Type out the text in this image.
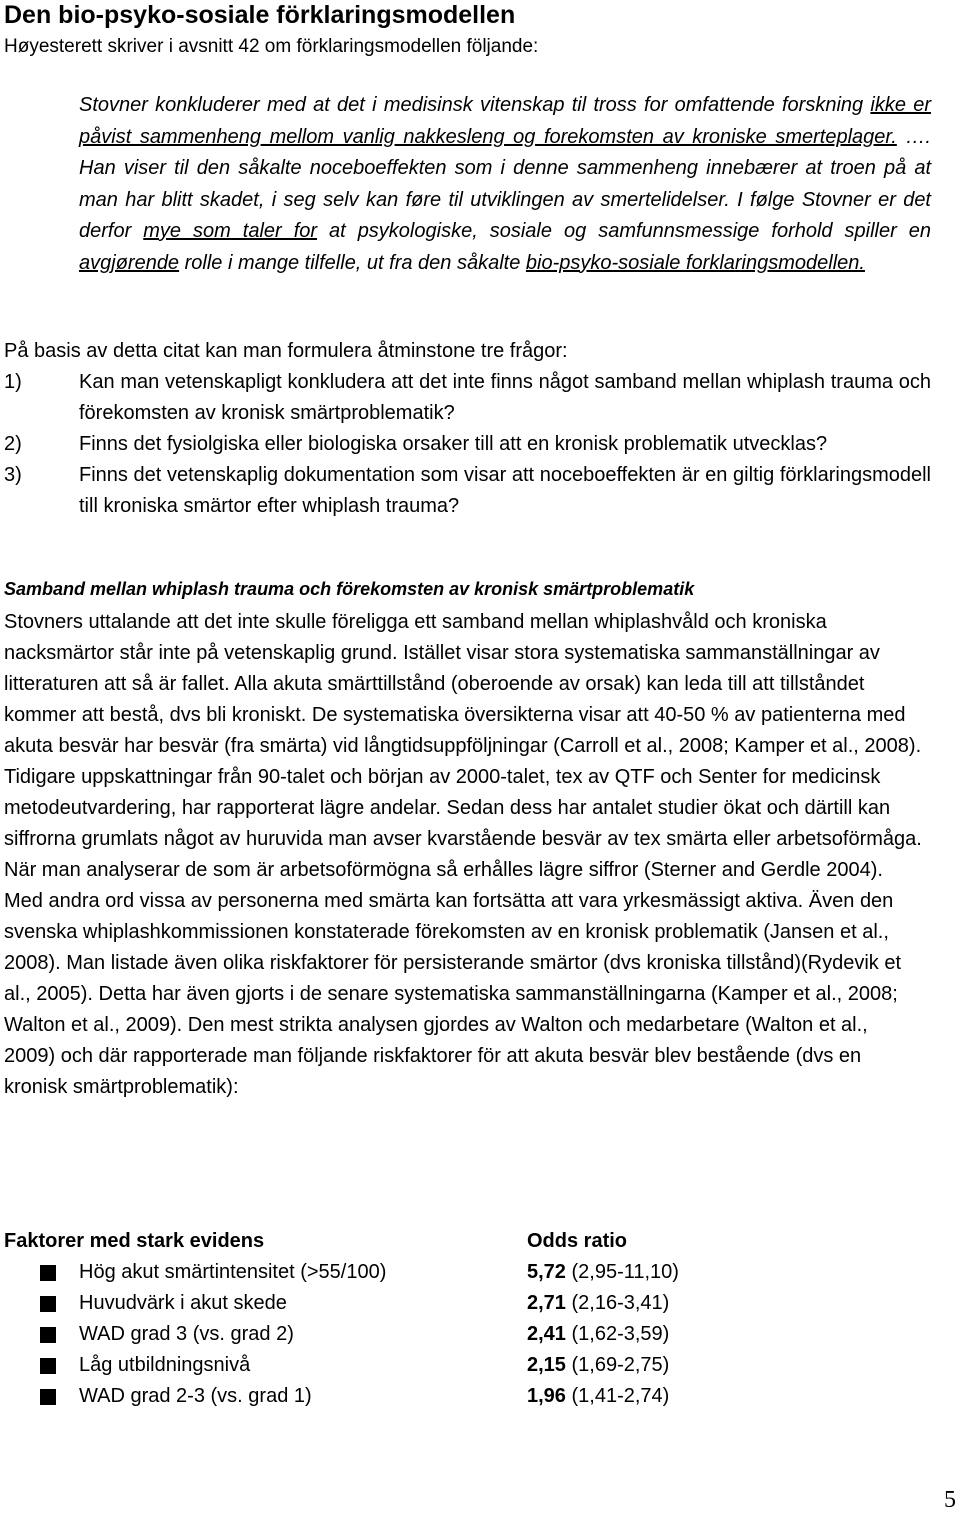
Den bio-psyko-sosiale förklaringsmodellen

Høyesterett skriver i avsnitt 42 om förklaringsmodellen följande:

Stovner konkluderer med at det i medisinsk vitenskap til tross for omfattende forskning ikke er påvist sammenheng mellom vanlig nakkesleng og forekomsten av kroniske smerteplager. …. Han viser til den såkalte noceboeffekten som i denne sammenheng innebærer at troen på at man har blitt skadet, i seg selv kan føre til utviklingen av smertelidelser. I følge Stovner er det derfor mye som taler for at psykologiske, sosiale og samfunnsmessige forhold spiller en avgjørende rolle i mange tilfelle, ut fra den såkalte bio-psyko-sosiale forklaringsmodellen.

På basis av detta citat kan man formulera åtminstone tre frågor:

1)	Kan man vetenskapligt konkludera att det inte finns något samband mellan whiplash trauma och förekomsten av kronisk smärtproblematik?
2)	Finns det fysiolgiska eller biologiska orsaker till att en kronisk problematik utvecklas?
3)	Finns det vetenskaplig dokumentation som visar att noceboeffekten är en giltig förklaringsmodell till kroniska smärtor efter whiplash trauma?
Samband mellan whiplash trauma och förekomsten av kronisk smärtproblematik

Stovners uttalande att det inte skulle föreligga ett samband mellan whiplashvåld och kroniska nacksmärtor står inte på vetenskaplig grund. Istället visar stora systematiska sammanställningar av litteraturen att så är fallet. Alla akuta smärttillstånd (oberoende av orsak) kan leda till att tillståndet kommer att bestå, dvs bli kroniskt. De systematiska översikterna visar att 40-50 % av patienterna med akuta besvär har besvär (fra smärta) vid långtidsuppföljningar (Carroll et al., 2008; Kamper et al., 2008). Tidigare uppskattningar från 90-talet och början av 2000-talet, tex av QTF och Senter for medicinsk metodeutvardering, har rapporterat lägre andelar. Sedan dess har antalet studier ökat och därtill kan siffrorna grumlats något av huruvida man avser kvarstående besvär av tex smärta eller arbetsoförmåga. När man analyserar de som är arbetsoförmögna så erhålles lägre siffror (Sterner and Gerdle 2004). Med andra ord vissa av personerna med smärta kan fortsätta att vara yrkesmässigt aktiva. Även den svenska whiplashkommissionen konstaterade förekomsten av en kronisk problematik (Jansen et al., 2008). Man listade även olika riskfaktorer för persisterande smärtor (dvs kroniska tillstånd)(Rydevik et al., 2005). Detta har även gjorts i de senare systematiska sammanställningarna (Kamper et al., 2008; Walton et al., 2009). Den mest strikta analysen gjordes av Walton och medarbetare (Walton et al., 2009) och där rapporterade man följande riskfaktorer för att akuta besvär blev bestående (dvs en kronisk smärtproblematik):

Faktorer med stark evidens	Odds ratio
Hög akut smärtintensitet (>55/100)	5,72 (2,95-11,10)
Huvudvärk i akut skede	2,71 (2,16-3,41)
WAD grad 3 (vs. grad 2)	2,41 (1,62-3,59)
Låg utbildningsnivå	2,15 (1,69-2,75)
WAD grad 2-3 (vs. grad 1)	1,96 (1,41-2,74)
5
